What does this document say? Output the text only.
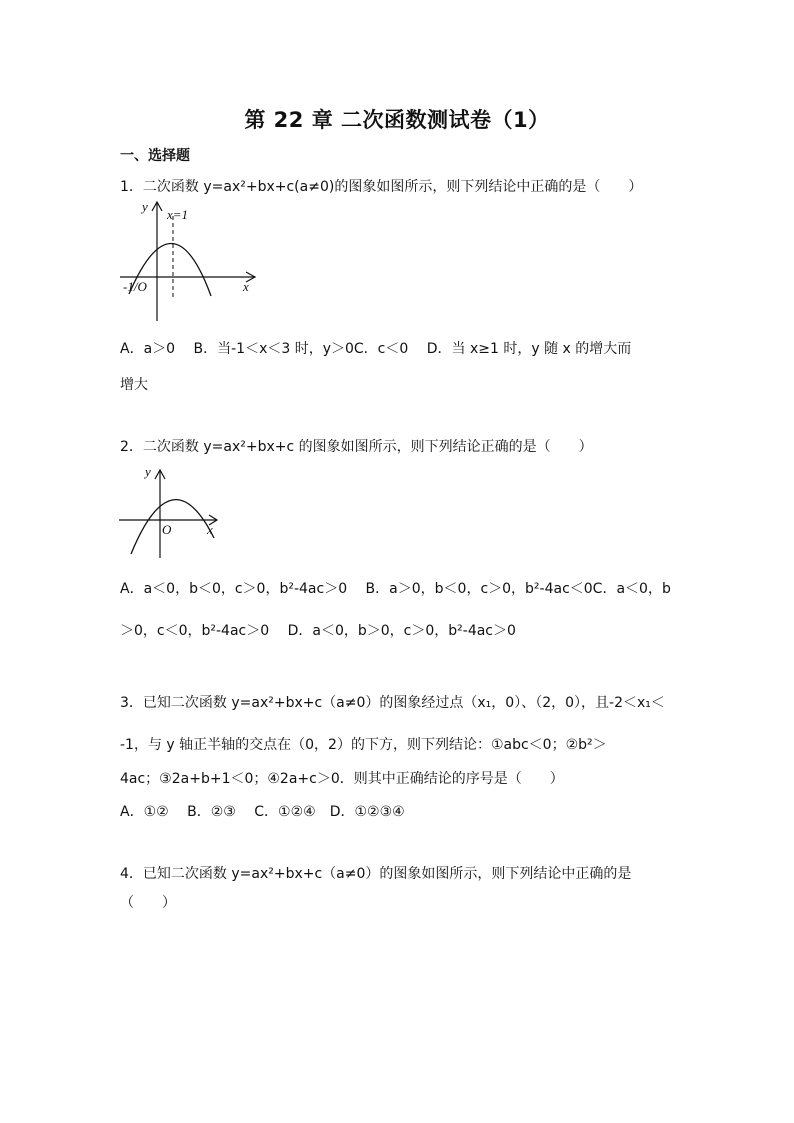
第 22 章 二次函数测试卷（1）
一、选择题
1．二次函数 y=ax²+bx+c(a≠0)的图象如图所示，则下列结论中正确的是（　　）
y
x
x=1
-1/O
A．a＞0　 B．当-1＜x＜3 时，y＞0C．c＜0　 D．当 x≥1 时，y 随 x 的增大而
增大
2．二次函数 y=ax²+bx+c 的图象如图所示，则下列结论正确的是（　　）
y
x
O
A．a＜0，b＜0，c＞0，b²-4ac＞0　 B．a＞0，b＜0，c＞0，b²-4ac＜0C．a＜0，b
＞0，c＜0，b²-4ac＞0　 D．a＜0，b＞0，c＞0，b²-4ac＞0
3．已知二次函数 y=ax²+bx+c（a≠0）的图象经过点（x₁，0）、（2，0），且-2＜x₁＜
-1，与 y 轴正半轴的交点在（0，2）的下方，则下列结论：①abc＜0；②b²＞
4ac；③2a+b+1＜0；④2a+c＞0．则其中正确结论的序号是（　　）
A．①②　 B．②③　 C．①②④　D．①②③④
4．已知二次函数 y=ax²+bx+c（a≠0）的图象如图所示，则下列结论中正确的是
（　　）
